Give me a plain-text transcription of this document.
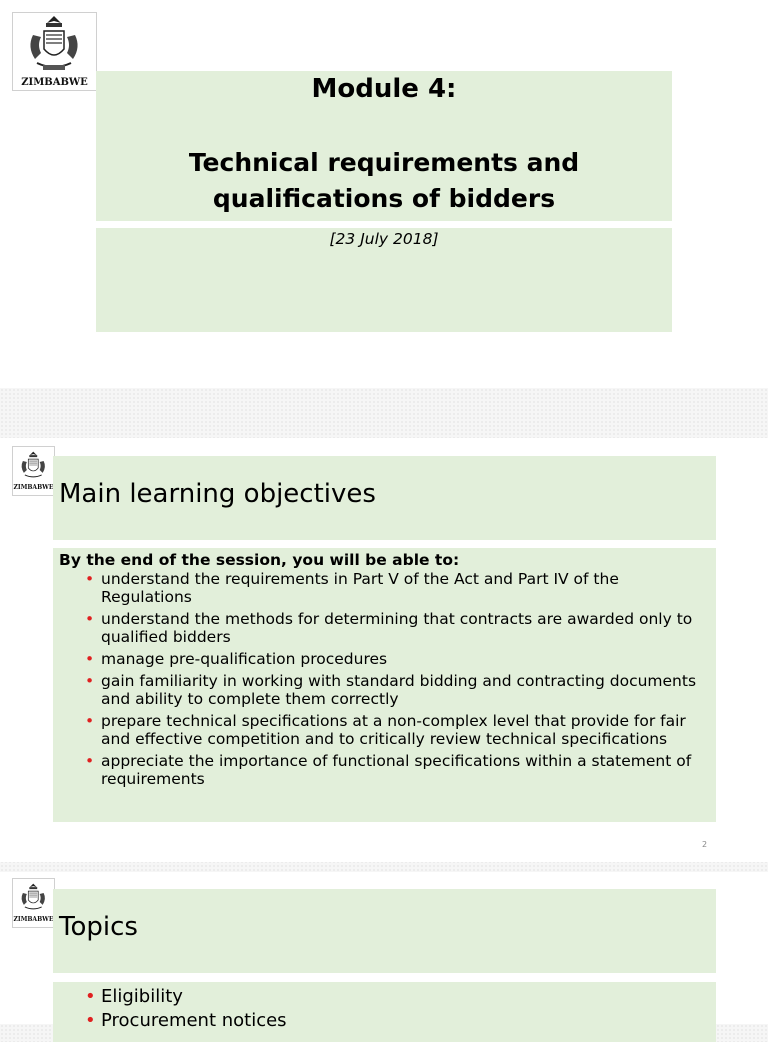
ZIMBABWE	Module 4:
Technical requirements and
qualifications of bidders
[23 July 2018]
ZIMBABWE Main learning objectives
By the end of the session, you will be able to:
• understand the requirements in Part V of the Act and Part IV of the Regulations
• understand the methods for determining that contracts are awarded only to qualified bidders
• manage pre-qualification procedures
• gain familiarity in working with standard bidding and contracting documents and ability to complete them correctly
• prepare technical specifications at a non-complex level that provide for fair and effective competition and to critically review technical specifications
• appreciate the importance of functional specifications within a statement of requirements
2
ZIMBABWE Topics
• Eligibility
• Procurement notices
